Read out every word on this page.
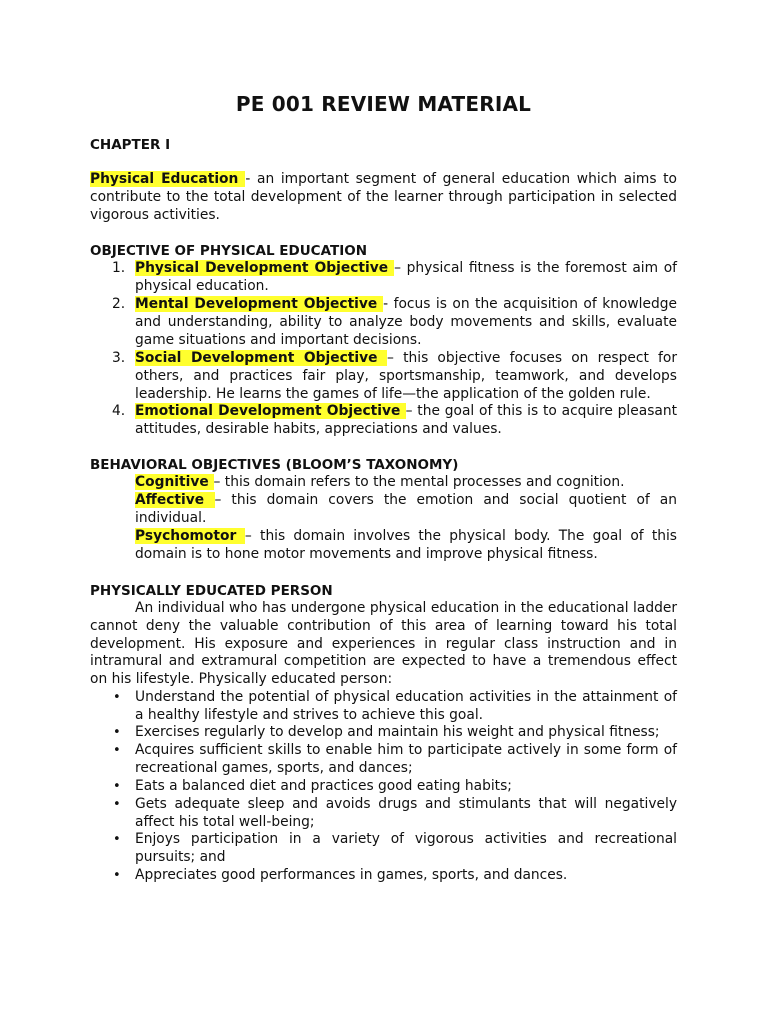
PE 001 REVIEW MATERIAL
CHAPTER I
Physical Education - an important segment of general education which aims to contribute to the total development of the learner through participation in selected vigorous activities.
OBJECTIVE OF PHYSICAL EDUCATION
1. Physical Development Objective – physical fitness is the foremost aim of physical education.
2. Mental Development Objective - focus is on the acquisition of knowledge and understanding, ability to analyze body movements and skills, evaluate game situations and important decisions.
3. Social Development Objective – this objective focuses on respect for others, and practices fair play, sportsmanship, teamwork, and develops leadership. He learns the games of life—the application of the golden rule.
4. Emotional Development Objective – the goal of this is to acquire pleasant attitudes, desirable habits, appreciations and values.
BEHAVIORAL OBJECTIVES (BLOOM’S TAXONOMY)
Cognitive – this domain refers to the mental processes and cognition.
Affective – this domain covers the emotion and social quotient of an individual.
Psychomotor – this domain involves the physical body. The goal of this domain is to hone motor movements and improve physical fitness.
PHYSICALLY EDUCATED PERSON
An individual who has undergone physical education in the educational ladder cannot deny the valuable contribution of this area of learning toward his total development. His exposure and experiences in regular class instruction and in intramural and extramural competition are expected to have a tremendous effect on his lifestyle. Physically educated person:
• Understand the potential of physical education activities in the attainment of a healthy lifestyle and strives to achieve this goal.
• Exercises regularly to develop and maintain his weight and physical fitness;
• Acquires sufficient skills to enable him to participate actively in some form of recreational games, sports, and dances;
• Eats a balanced diet and practices good eating habits;
• Gets adequate sleep and avoids drugs and stimulants that will negatively affect his total well-being;
• Enjoys participation in a variety of vigorous activities and recreational pursuits; and
• Appreciates good performances in games, sports, and dances.
